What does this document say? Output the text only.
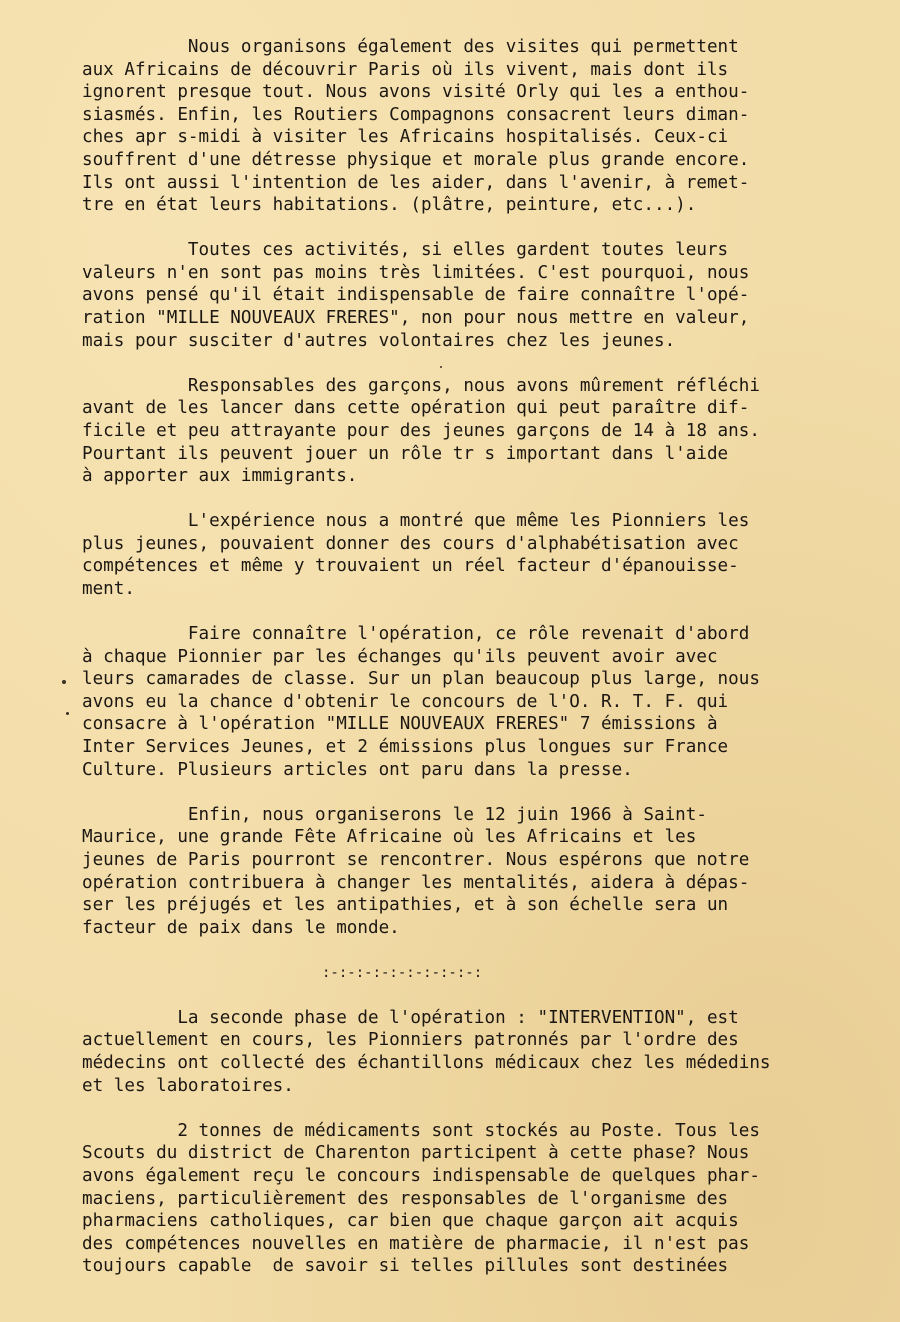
Nous organisons également des visites qui permettent
aux Africains de découvrir Paris où ils vivent, mais dont ils
ignorent presque tout. Nous avons visité Orly qui les a enthou-
siasmés. Enfin, les Routiers Compagnons consacrent leurs diman-
ches apr s-midi à visiter les Africains hospitalisés. Ceux-ci
souffrent d'une détresse physique et morale plus grande encore.
Ils ont aussi l'intention de les aider, dans l'avenir, à remet-
tre en état leurs habitations. (plâtre, peinture, etc...).
Toutes ces activités, si elles gardent toutes leurs
valeurs n'en sont pas moins très limitées. C'est pourquoi, nous
avons pensé qu'il était indispensable de faire connaître l'opé-
ration "MILLE NOUVEAUX FRERES", non pour nous mettre en valeur,
mais pour susciter d'autres volontaires chez les jeunes.
Responsables des garçons, nous avons mûrement réfléchi
avant de les lancer dans cette opération qui peut paraître dif-
ficile et peu attrayante pour des jeunes garçons de 14 à 18 ans.
Pourtant ils peuvent jouer un rôle tr s important dans l'aide
à apporter aux immigrants.
L'expérience nous a montré que même les Pionniers les
plus jeunes, pouvaient donner des cours d'alphabétisation avec
compétences et même y trouvaient un réel facteur d'épanouisse-
ment.
Faire connaître l'opération, ce rôle revenait d'abord
à chaque Pionnier par les échanges qu'ils peuvent avoir avec
leurs camarades de classe. Sur un plan beaucoup plus large, nous
avons eu la chance d'obtenir le concours de l'O. R. T. F. qui
consacre à l'opération "MILLE NOUVEAUX FRERES" 7 émissions à
Inter Services Jeunes, et 2 émissions plus longues sur France
Culture. Plusieurs articles ont paru dans la presse.
Enfin, nous organiserons le 12 juin 1966 à Saint-
Maurice, une grande Fête Africaine où les Africains et les
jeunes de Paris pourront se rencontrer. Nous espérons que notre
opération contribuera à changer les mentalités, aidera à dépas-
ser les préjugés et les antipathies, et à son échelle sera un
facteur de paix dans le monde.
:-:-:-:-:-:-:-:-:-:
La seconde phase de l'opération : "INTERVENTION", est
actuellement en cours, les Pionniers patronnés par l'ordre des
médecins ont collecté des échantillons médicaux chez les médedins
et les laboratoires.
2 tonnes de médicaments sont stockés au Poste. Tous les
Scouts du district de Charenton participent à cette phase? Nous
avons également reçu le concours indispensable de quelques phar-
maciens, particulièrement des responsables de l'organisme des
pharmaciens catholiques, car bien que chaque garçon ait acquis
des compétences nouvelles en matière de pharmacie, il n'est pas
toujours capable  de savoir si telles pillules sont destinées
